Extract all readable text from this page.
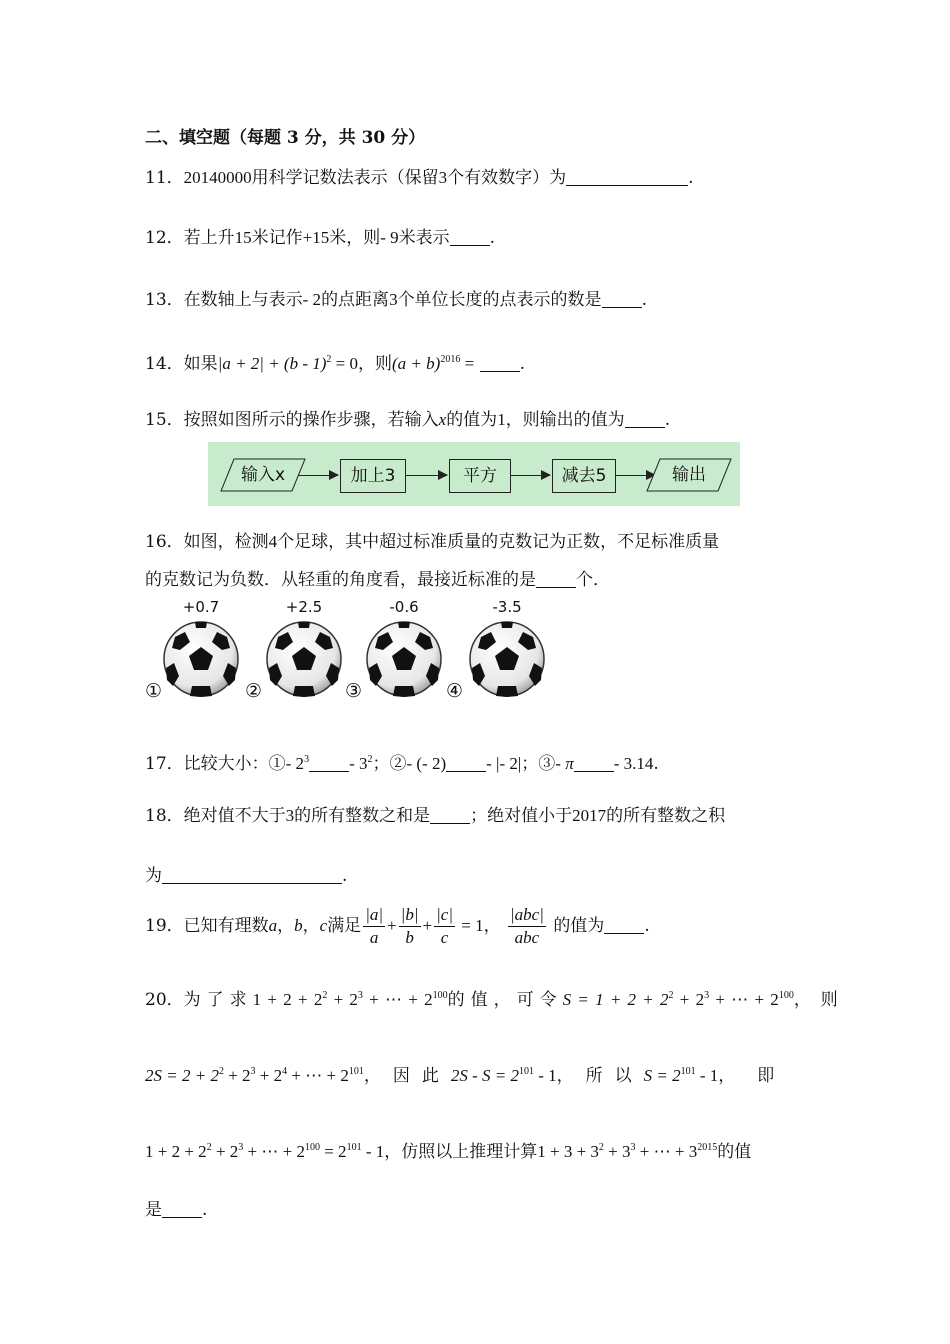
二、填空题（每题 3 分，共 30 分）
11．20140000用科学记数法表示（保留3个有效数字）为	.
12．若上升15米记作+15米，则- 9米表示 .
13．在数轴上与表示- 2的点距离3个单位长度的点表示的数是 .
14．如果|a + 2| + (b - 1)$^2$ = 0，则$(a + b)^{2016}$ =	.
15．按照如图所示的操作步骤，若输入x的值为1，则输出的值为 .
输入x	加上3	平方	减去5	输出
16．如图，检测4个足球，其中超过标准质量的克数记为正数，不足标准质量
的克数记为负数．从轻重的角度看，最接近标准的是 个．
+0.7
①
+2.5
②
-0.6
③
-3.5
④
17．比较大小：①- $2^3 - 3^2$；②- (- 2) - |- 2|；③- π - 3.14.
18．绝对值不大于3的所有整数之和是 ；绝对值小于2017的所有整数之积
为	.
19．已知有理数a，b，c满足 $\frac{|a|}{a} + \frac{|b|}{b} + \frac{|c|}{c} = 1$， $\frac{\text{|abc|}}{\text{abc}}$ 的值为 .
20．为了求$1 + 2 + 2^2 + 2^3$ + ⋯ + $2^{100}$的值，可令$S = 1 + 2 + 2^2 + 2^3$ + ⋯ + $2^{100}$，则
$2S = 2 + 2^2 + 2^3 + 2^4$ + ⋯ + $2^{101}$，因此$2S - S = 2^{101} - 1$，所以$S = 2^{101} - 1$，即
$1 + 2 + 2^2 + 2^3$ + ⋯ + $2^{100} = 2^{101} - 1$，仿照以上推理计算$1 + 3 + 3^2 + 3^3$ + ⋯ + $3^{2015}$的值
是 .
